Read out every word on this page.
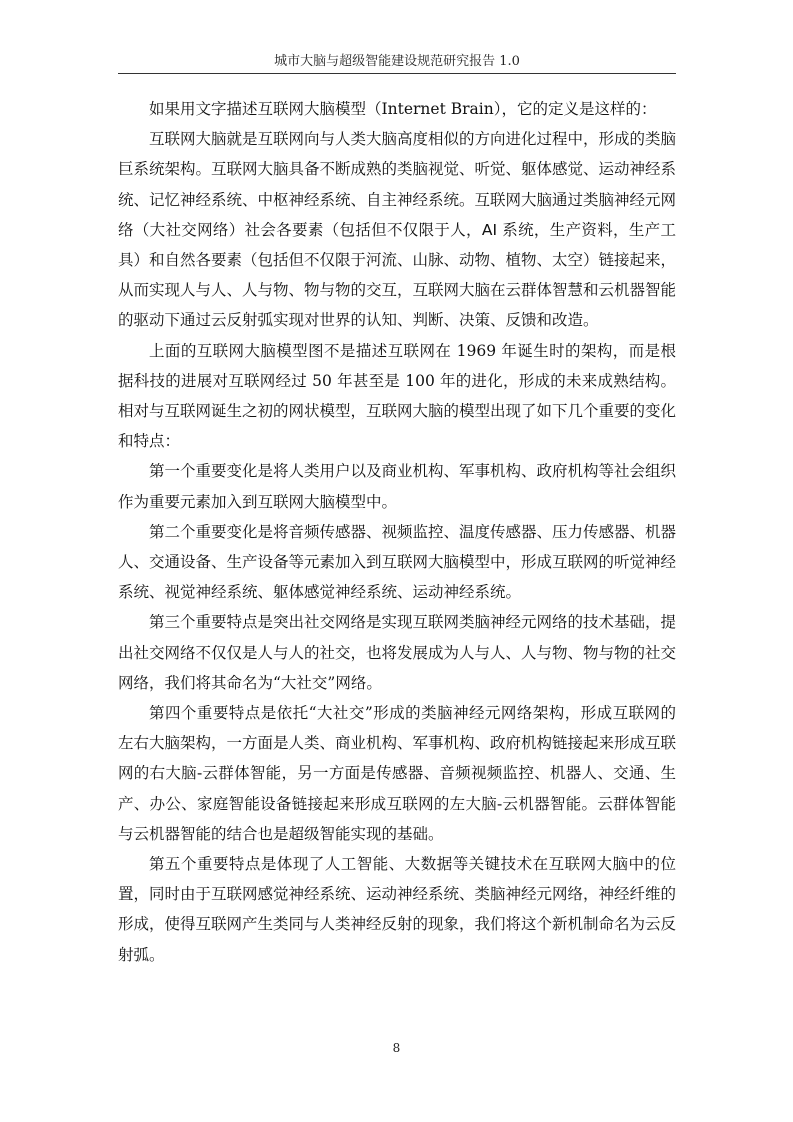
城市大脑与超级智能建设规范研究报告 1.0

如果用文字描述互联网大脑模型（Internet Brain），它的定义是这样的：

互联网大脑就是互联网向与人类大脑高度相似的方向进化过程中，形成的类脑巨系统架构。互联网大脑具备不断成熟的类脑视觉、听觉、躯体感觉、运动神经系统、记忆神经系统、中枢神经系统、自主神经系统。互联网大脑通过类脑神经元网络（大社交网络）社会各要素（包括但不仅限于人，AI 系统，生产资料，生产工具）和自然各要素（包括但不仅限于河流、山脉、动物、植物、太空）链接起来，从而实现人与人、人与物、物与物的交互，互联网大脑在云群体智慧和云机器智能的驱动下通过云反射弧实现对世界的认知、判断、决策、反馈和改造。

上面的互联网大脑模型图不是描述互联网在 1969 年诞生时的架构，而是根据科技的进展对互联网经过 50 年甚至是 100 年的进化，形成的未来成熟结构。相对与互联网诞生之初的网状模型，互联网大脑的模型出现了如下几个重要的变化和特点：

第一个重要变化是将人类用户以及商业机构、军事机构、政府机构等社会组织作为重要元素加入到互联网大脑模型中。

第二个重要变化是将音频传感器、视频监控、温度传感器、压力传感器、机器人、交通设备、生产设备等元素加入到互联网大脑模型中，形成互联网的听觉神经系统、视觉神经系统、躯体感觉神经系统、运动神经系统。

第三个重要特点是突出社交网络是实现互联网类脑神经元网络的技术基础，提出社交网络不仅仅是人与人的社交，也将发展成为人与人、人与物、物与物的社交网络，我们将其命名为“大社交”网络。

第四个重要特点是依托“大社交”形成的类脑神经元网络架构，形成互联网的左右大脑架构，一方面是人类、商业机构、军事机构、政府机构链接起来形成互联网的右大脑-云群体智能，另一方面是传感器、音频视频监控、机器人、交通、生产、办公、家庭智能设备链接起来形成互联网的左大脑-云机器智能。云群体智能与云机器智能的结合也是超级智能实现的基础。

第五个重要特点是体现了人工智能、大数据等关键技术在互联网大脑中的位置，同时由于互联网感觉神经系统、运动神经系统、类脑神经元网络，神经纤维的形成，使得互联网产生类同与人类神经反射的现象，我们将这个新机制命名为云反射弧。

8
